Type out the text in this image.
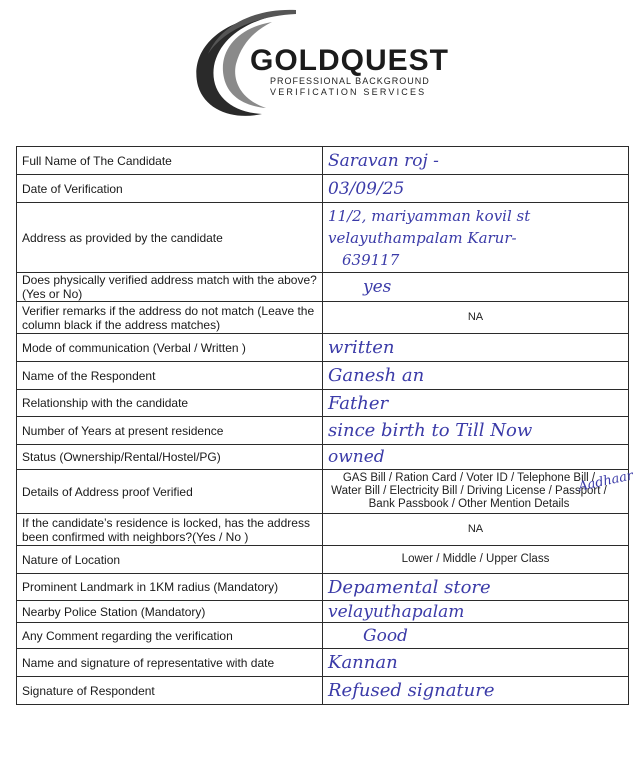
GOLDQUEST
PROFESSIONAL BACKGROUND
VERIFICATION SERVICES
Full Name of The Candidate	Saravan roj -
Date of Verification	03/09/25
Address as provided by the candidate	11/2, mariyamman kovil st
velayuthampalam Karur-
639117

Does physically verified address match with the above? (Yes or No)	yes
Verifier remarks if the address do not match (Leave the column black if the address matches)	NA

Mode of communication (Verbal / Written )	written
Name of the Respondent	Ganesh an
Relationship with the candidate	Father
Number of Years at present residence	since birth to Till Now
Status (Ownership/Rental/Hostel/PG)	owned
Details of Address proof Verified	GAS Bill / Ration Card / Voter ID / Telephone Bill / Water Bill / Electricity Bill / Driving License / Passport / Bank Passbook / Other Mention Details
Aadhaar

If the candidate’s residence is locked, has the address been confirmed with neighbors?(Yes / No )	NA

Nature of Location	Lower / Middle / Upper Class

Prominent Landmark in 1KM radius (Mandatory)	Depamental store
Nearby Police Station (Mandatory)	velayuthapalam
Any Comment regarding the verification	Good
Name and signature of representative with date	Kannan
Signature of Respondent	Refused signature
